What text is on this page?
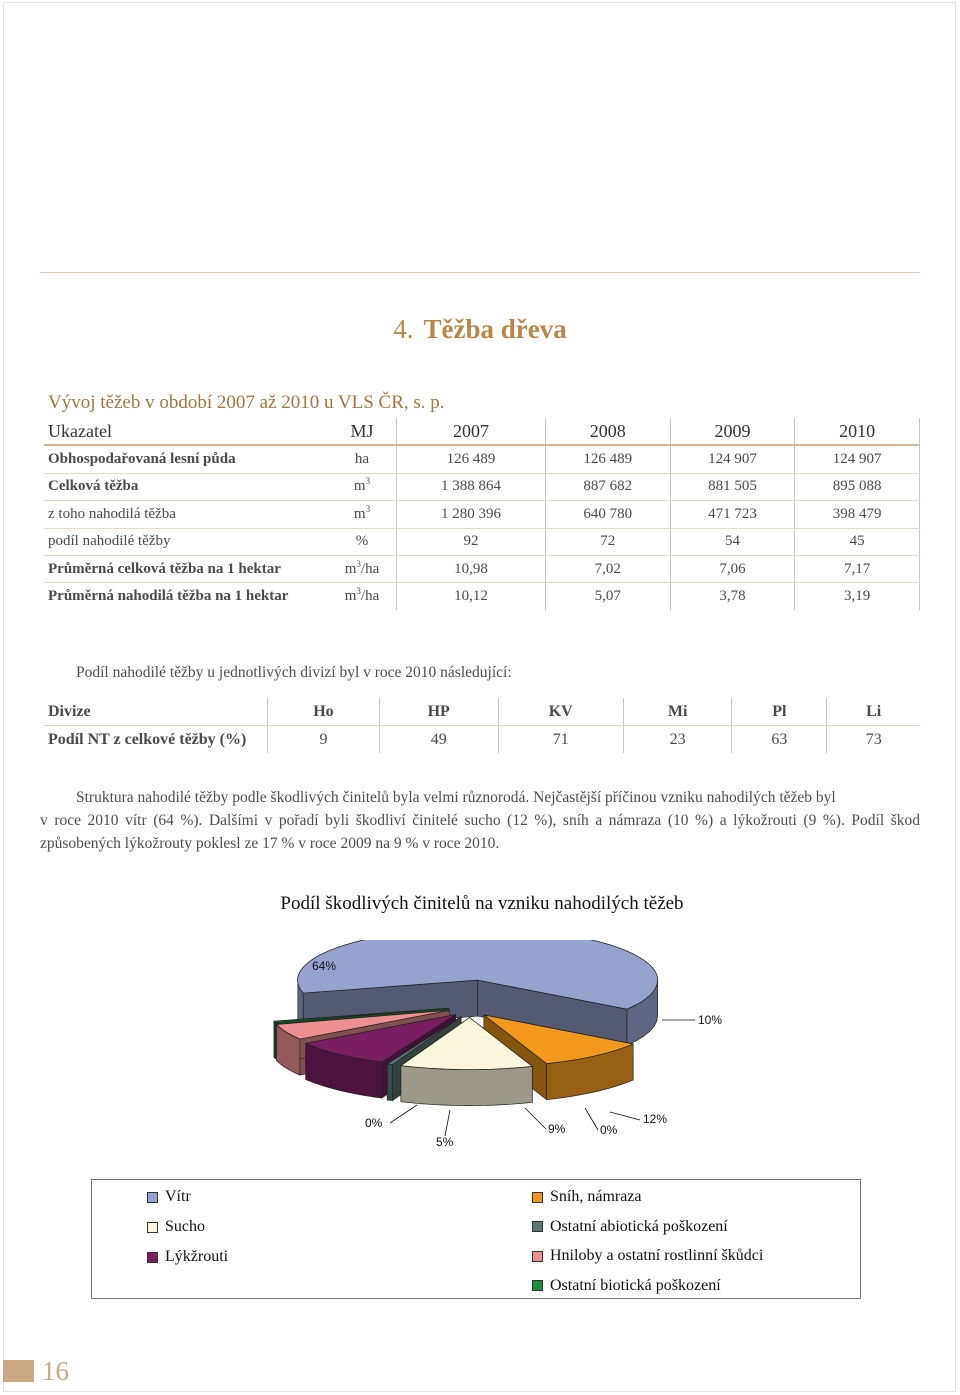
4. Těžba dřeva
Vývoj těžeb v období 2007 až 2010 u VLS ČR, s. p.
Ukazatel	MJ	2007	2008	2009	2010
Obhospodařovaná lesní půda	ha	126 489	126 489	124 907	124 907
Celková těžba	$m^3$	1 388 864	887 682	881 505	895 088
z toho nahodilá těžba	$m^3$	1 280 396	640 780	471 723	398 479
podíl nahodilé těžby	%	92	72	54	45
Průměrná celková těžba na 1 hektar	$m^3/ha$	10,98	7,02	7,06	7,17
Průměrná nahodilá těžba na 1 hektar	$m^3/ha$	10,12	5,07	3,78	3,19
Podíl nahodilé těžby u jednotlivých divizí byl v roce 2010 následující:
Divize	Ho	HP	KV	Mi	Pl	Li
Podíl NT z celkové těžby (%)	9	49	71	23	63	73
Struktura nahodilé těžby podle škodlivých činitelů byla velmi různorodá. Nejčastější příčinou vzniku nahodilých těžeb byl
v roce 2010 vítr (64 %). Dalšími v pořadí byli škodliví činitelé sucho (12 %), sníh a námraza (10 %) a lýkožrouti (9 %). Podíl škod způsobených lýkožrouty poklesl ze 17 % v roce 2009 na 9 % v roce 2010.
Podíl škodlivých činitelů na vzniku nahodilých těžeb
64%
10%
12%
0%
9%
5%
0%
Vítr
Sucho
Lýkžrouti
Sníh, námraza
Ostatní abiotická poškození
Hniloby a ostatní rostlinní škůdci
Ostatní biotická poškození
16
